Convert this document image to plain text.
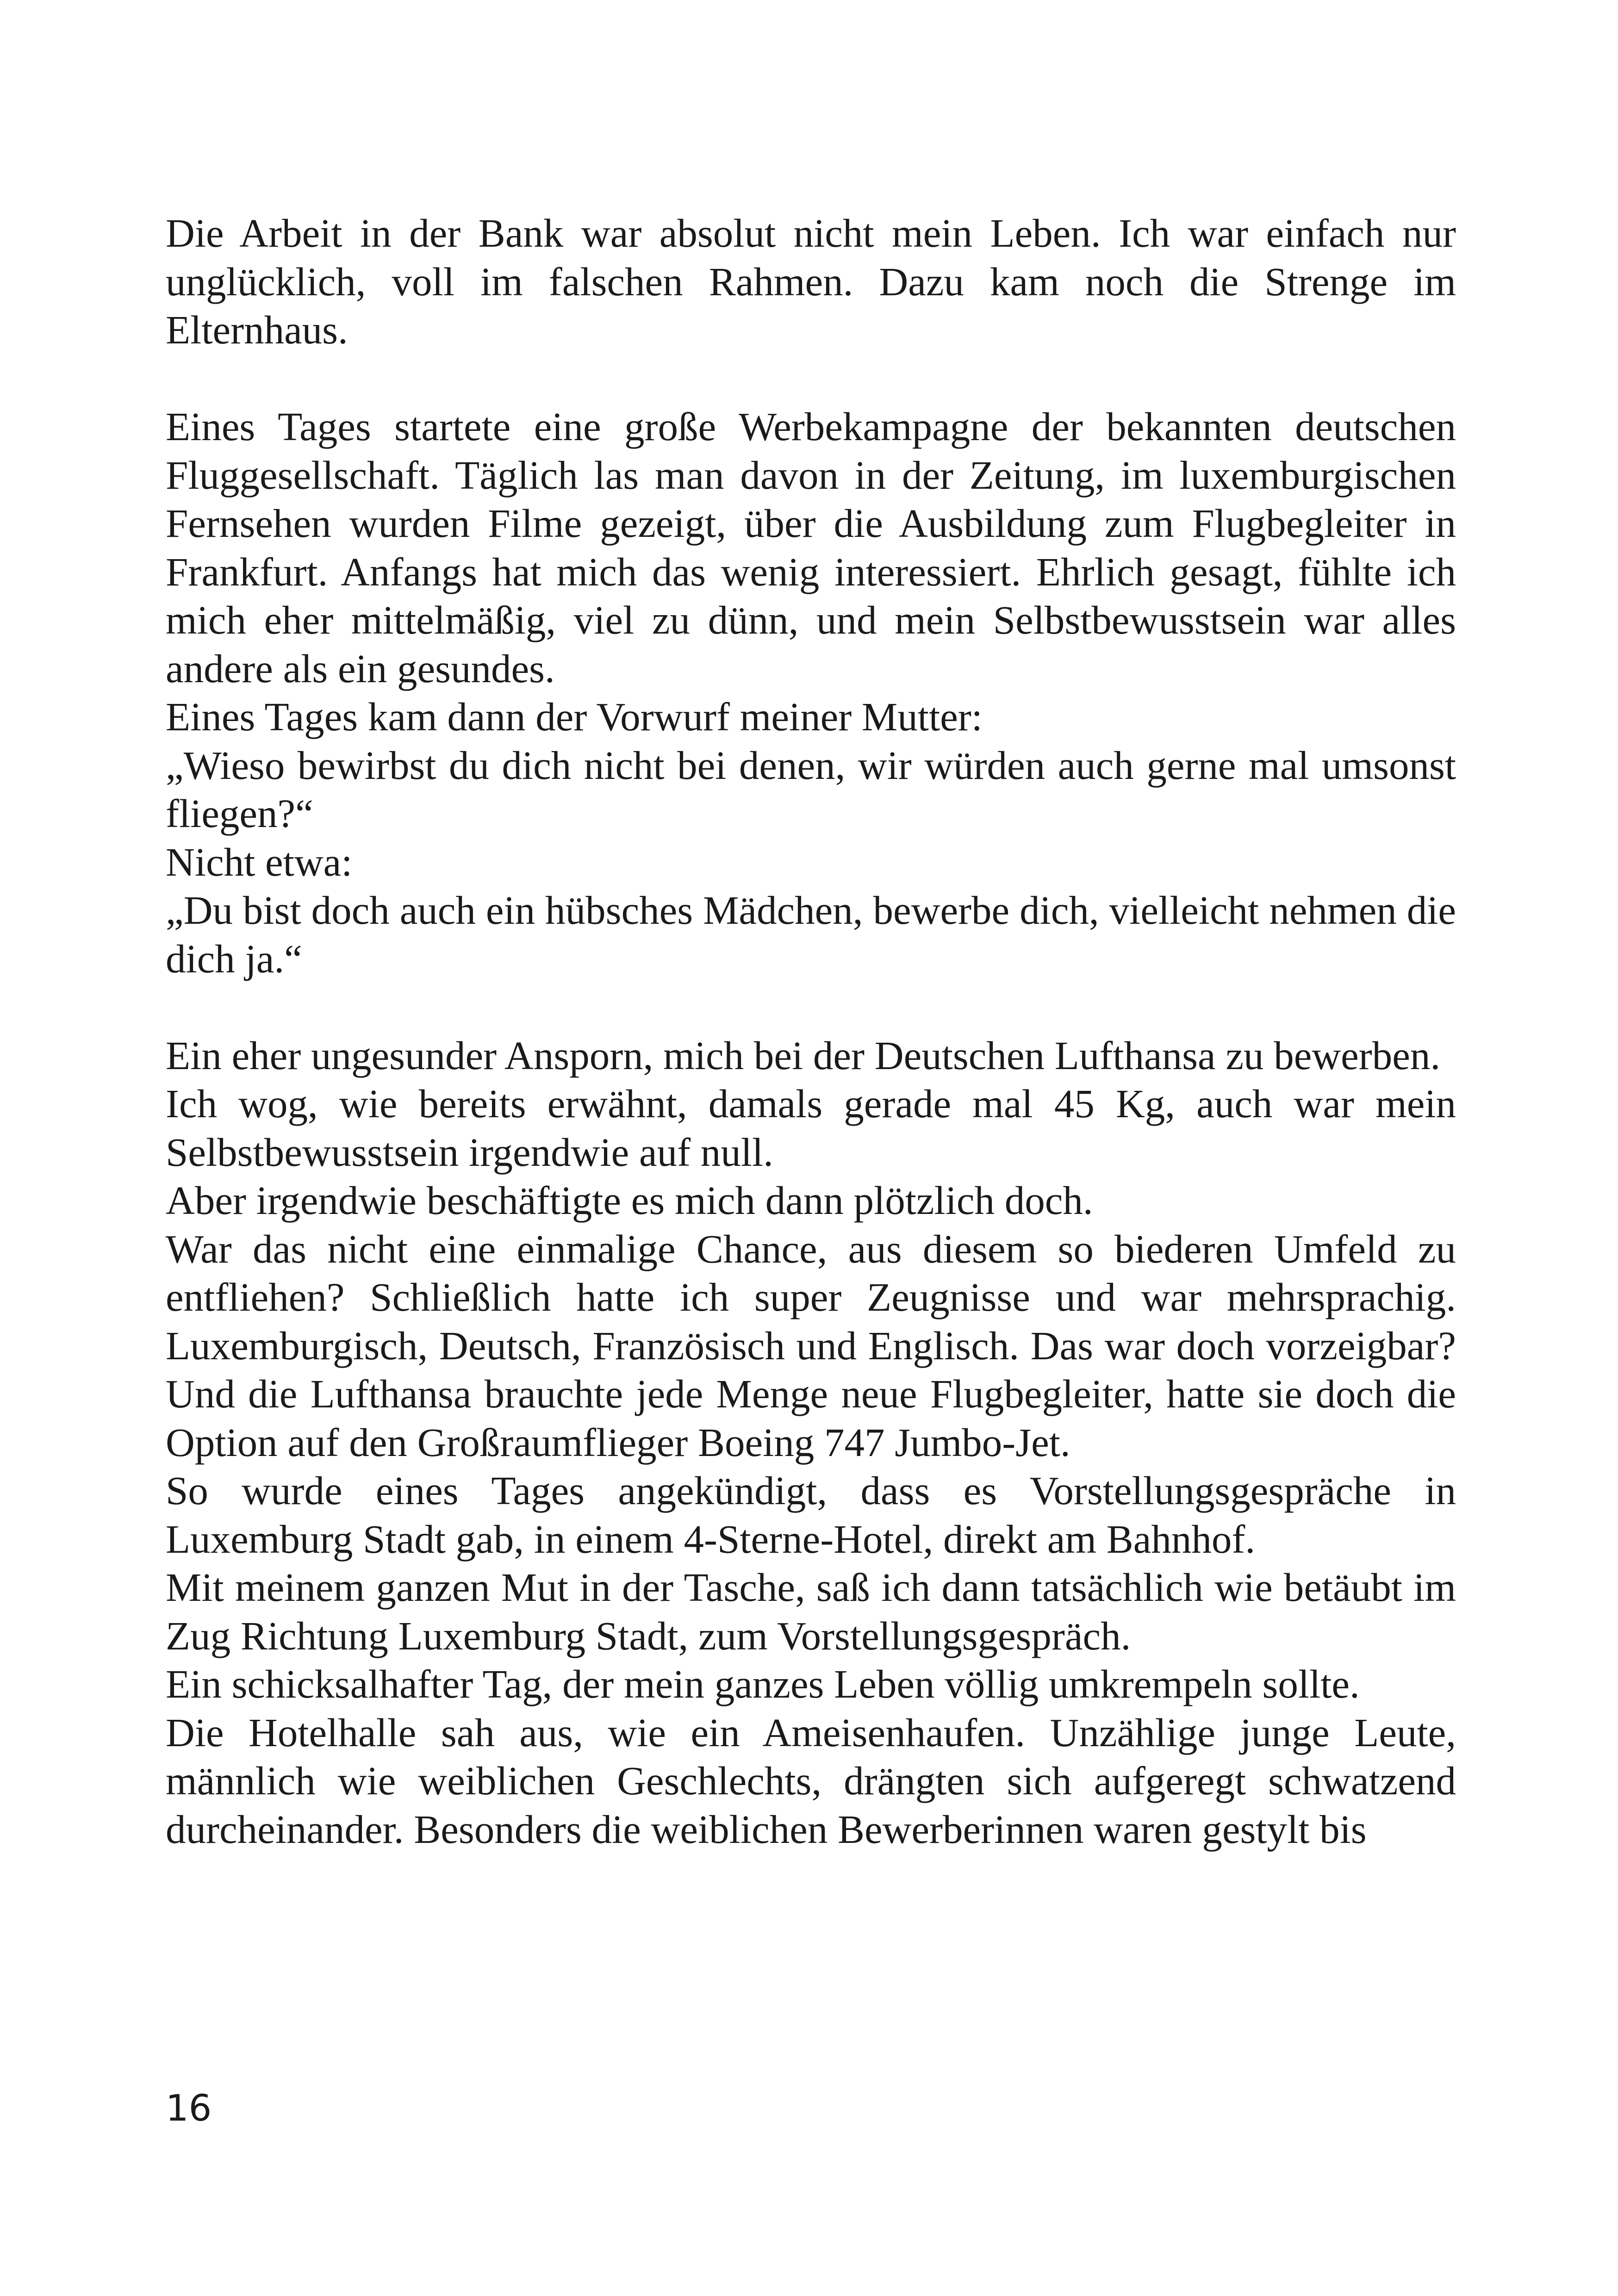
Die Arbeit in der Bank war absolut nicht mein Leben. Ich war einfach nur unglücklich, voll im falschen Rahmen. Dazu kam noch die Strenge im Elternhaus.

Eines Tages startete eine große Werbekampagne der bekannten deutschen Fluggesellschaft. Täglich las man davon in der Zeitung, im luxemburgischen Fernsehen wurden Filme gezeigt, über die Ausbildung zum Flugbegleiter in Frankfurt. Anfangs hat mich das wenig interessiert. Ehrlich gesagt, fühlte ich mich eher mittelmäßig, viel zu dünn, und mein Selbstbewusstsein war alles andere als ein gesundes.

Eines Tages kam dann der Vorwurf meiner Mutter:

„Wieso bewirbst du dich nicht bei denen, wir würden auch gerne mal umsonst fliegen?“

Nicht etwa:

„Du bist doch auch ein hübsches Mädchen, bewerbe dich, vielleicht nehmen die dich ja.“

Ein eher ungesunder Ansporn, mich bei der Deutschen Lufthansa zu bewerben.

Ich wog, wie bereits erwähnt, damals gerade mal 45 Kg, auch war mein Selbstbewusstsein irgendwie auf null.

Aber irgendwie beschäftigte es mich dann plötzlich doch.

War das nicht eine einmalige Chance, aus diesem so biederen Umfeld zu entfliehen? Schließlich hatte ich super Zeugnisse und war mehrsprachig. Luxemburgisch, Deutsch, Französisch und Englisch. Das war doch vorzeigbar? Und die Lufthansa brauchte jede Menge neue Flugbegleiter, hatte sie doch die Option auf den Großraumflieger Boeing 747 Jumbo-Jet.

So wurde eines Tages angekündigt, dass es Vorstellungsgespräche in Luxemburg Stadt gab, in einem 4-Sterne-Hotel, direkt am Bahnhof.

Mit meinem ganzen Mut in der Tasche, saß ich dann tatsächlich wie betäubt im Zug Richtung Luxemburg Stadt, zum Vorstellungsgespräch.

Ein schicksalhafter Tag, der mein ganzes Leben völlig umkrempeln sollte.

Die Hotelhalle sah aus, wie ein Ameisenhaufen. Unzählige junge Leute, männlich wie weiblichen Geschlechts, drängten sich aufgeregt schwatzend durcheinander. Besonders die weiblichen Bewerberinnen waren gestylt bis

16
